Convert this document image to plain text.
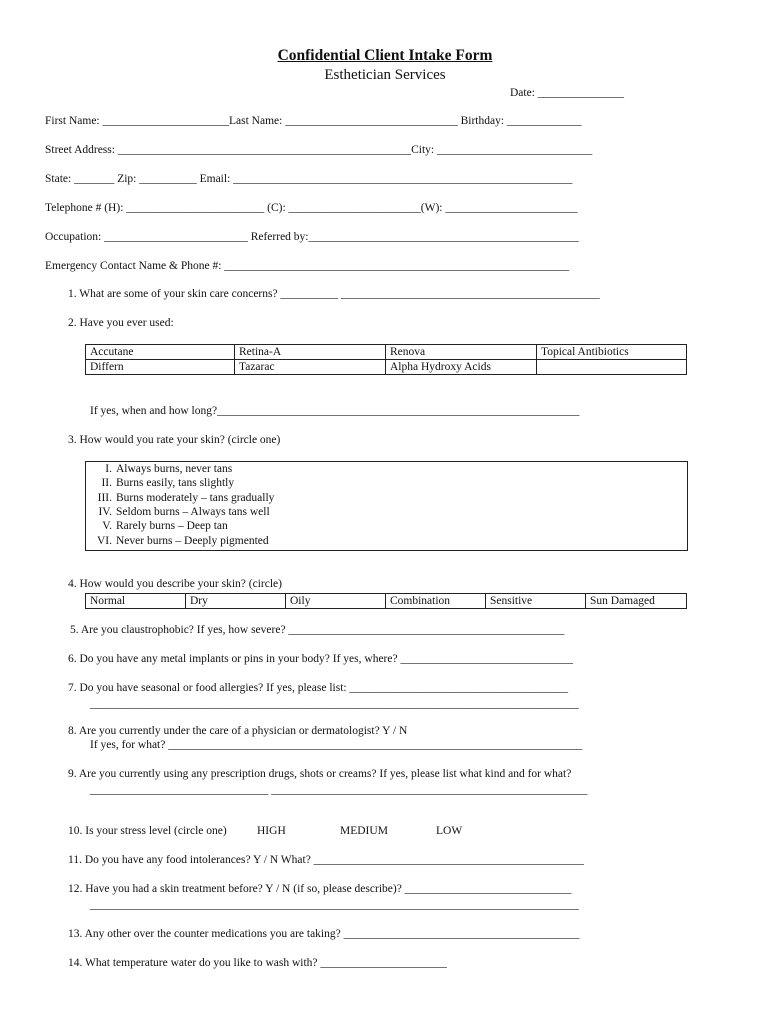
Confidential Client Intake Form
Esthetician Services
Date: _______________
First Name: ______________________Last Name: ______________________________ Birthday: _____________
Street Address: ___________________________________________________City: ___________________________
State: _______ Zip: __________ Email: ___________________________________________________________
Telephone # (H): ________________________ (C): _______________________(W): _______________________
Occupation: _________________________ Referred by:_______________________________________________
Emergency Contact Name & Phone #: ____________________________________________________________
1. What are some of your skin care concerns? __________ _____________________________________________
2. Have you ever used:
Accutane	Retina-A	Renova	Topical Antibiotics
Differn	Tazarac	Alpha Hydroxy Acids	
If yes, when and how long?_______________________________________________________________
3. How would you rate your skin? (circle one)
I. Always burns, never tans
II. Burns easily, tans slightly
III. Burns moderately – tans gradually
IV. Seldom burns – Always tans well
V. Rarely burns – Deep tan
VI. Never burns – Deeply pigmented
4. How would you describe your skin? (circle)
Normal	Dry	Oily	Combination	Sensitive	Sun Damaged
5. Are you claustrophobic? If yes, how severe? ________________________________________________
6. Do you have any metal implants or pins in your body? If yes, where? ______________________________
7. Do you have seasonal or food allergies? If yes, please list: ______________________________________
_____________________________________________________________________________________
8. Are you currently under the care of a physician or dermatologist? Y / N
If yes, for what? ________________________________________________________________________
9. Are you currently using any prescription drugs, shots or creams? If yes, please list what kind and for what?
_______________________________ _______________________________________________________
10. Is your stress level (circle one)	HIGH	MEDIUM	LOW
11. Do you have any food intolerances? Y / N What? _______________________________________________
12. Have you had a skin treatment before? Y / N (if so, please describe)? _____________________________
_____________________________________________________________________________________
13. Any other over the counter medications you are taking? _________________________________________
14. What temperature water do you like to wash with? ______________________
